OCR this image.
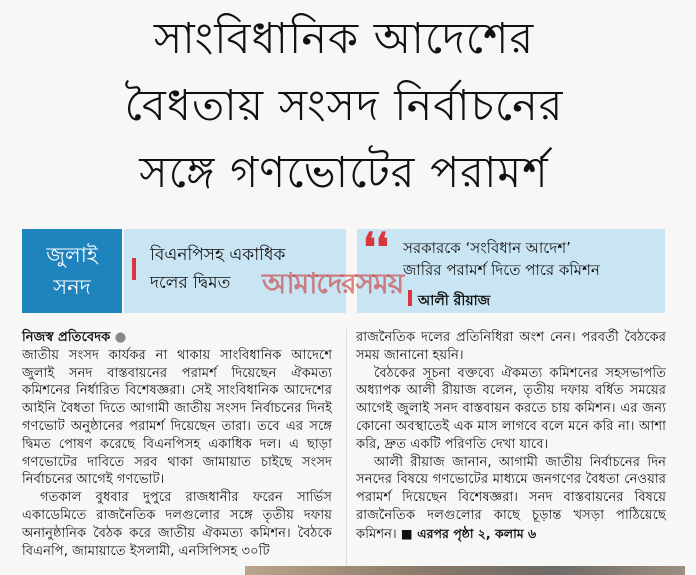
সাংবিধানিক আদেশের
বৈধতায় সংসদ নির্বাচনের
সঙ্গে গণভোটের পরামর্শ
জুলাই
সনদ
বিএনপিসহ একাধিক
দলের দ্বিমত
সরকারকে ‘সংবিধান আদেশ’
জারির পরামর্শ দিতে পারে কমিশন
❛❛
আলী রীয়াজ
আমাদেরসময়

নিজস্ব প্রতিবেদক ●

জাতীয় সংসদ কার্যকর না থাকায় সাংবিধানিক আদেশে জুলাই সনদ বাস্তবায়নের পরামর্শ দিয়েছেন ঐকমত্য কমিশনের নির্ধারিত বিশেষজ্ঞরা। সেই সাংবিধানিক আদেশের আইনি বৈধতা দিতে আগামী জাতীয় সংসদ নির্বাচনের দিনই গণভোট অনুষ্ঠানের পরামর্শ দিয়েছেন তারা। তবে এর সঙ্গে দ্বিমত পোষণ করেছে বিএনপিসহ একাধিক দল। এ ছাড়া গণভোটের দাবিতে সরব থাকা জামায়াত চাইছে সংসদ নির্বাচনের আগেই গণভোট।

গতকাল বুধবার দুপুরে রাজধানীর ফরেন সার্ভিস একাডেমিতে রাজনৈতিক দলগুলোর সঙ্গে তৃতীয় দফায় অনানুষ্ঠানিক বৈঠক করে জাতীয় ঐকমত্য কমিশন। বৈঠকে বিএনপি, জামায়াতে ইসলামী, এনসিপিসহ ৩০টি

রাজনৈতিক দলের প্রতিনিধিরা অংশ নেন। পরবর্তী বৈঠকের সময় জানানো হয়নি।

বৈঠকের সূচনা বক্তব্যে ঐকমত্য কমিশনের সহসভাপতি অধ্যাপক আলী রীয়াজ বলেন, তৃতীয় দফায় বর্ধিত সময়ের আগেই জুলাই সনদ বাস্তবায়ন করতে চায় কমিশন। এর জন্য কোনো অবস্থাতেই এক মাস লাগবে বলে মনে করি না। আশা করি, দ্রুত একটি পরিণতি দেখা যাবে।

আলী রীয়াজ জানান, আগামী জাতীয় নির্বাচনের দিন সনদের বিষয়ে গণভোটের মাধ্যমে জনগণের বৈধতা নেওয়ার পরামর্শ দিয়েছেন বিশেষজ্ঞরা। সনদ বাস্তবায়নের বিষয়ে রাজনৈতিক দলগুলোর কাছে চূড়ান্ত খসড়া পাঠিয়েছে কমিশন। ■ এরপর পৃষ্ঠা ২, কলাম ৬
